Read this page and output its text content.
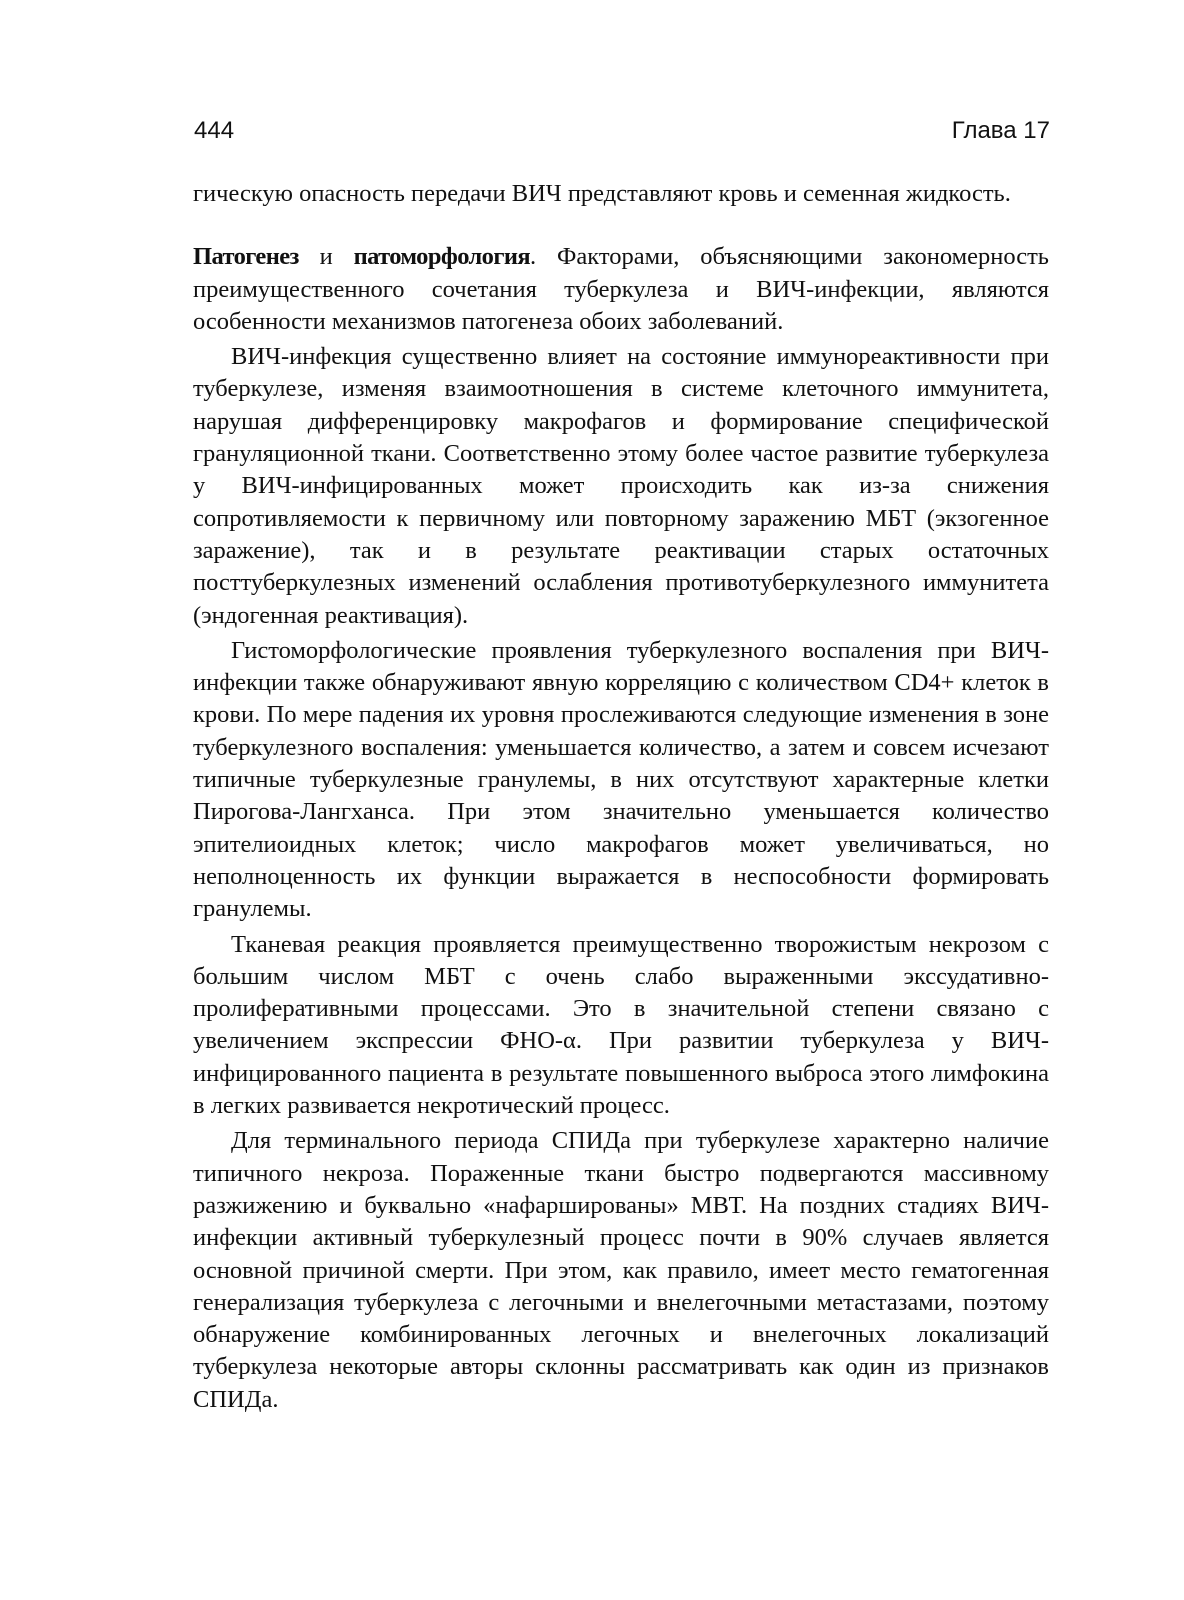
444	Глава 17

гическую опасность передачи ВИЧ представляют кровь и семенная жидкость.

Патогенез и патоморфология. Факторами, объясняющими закономерность преимущественного сочетания туберкулеза и ВИЧ-инфекции, являются особенности механизмов патогенеза обоих заболеваний.

ВИЧ-инфекция существенно влияет на состояние иммунореактивности при туберкулезе, изменяя взаимоотношения в системе клеточного иммунитета, нарушая дифференцировку макрофагов и формирование специфической грануляционной ткани. Соответственно этому более частое развитие туберкулеза у ВИЧ-инфицированных может происходить как из-за снижения сопротивляемости к первичному или повторному заражению МБТ (экзогенное заражение), так и в результате реактивации старых остаточных посттуберкулезных изменений ослабления противотуберкулезного иммунитета (эндогенная реактивация).

Гистоморфологические проявления туберкулезного воспаления при ВИЧ-инфекции также обнаруживают явную корреляцию с количеством CD4+ клеток в крови. По мере падения их уровня прослеживаются следующие изменения в зоне туберкулезного воспаления: уменьшается количество, а затем и совсем исчезают типичные туберкулезные гранулемы, в них отсутствуют характерные клетки Пирогова-Лангханса. При этом значительно уменьшается количество эпителиоидных клеток; число макрофагов может увеличиваться, но неполноценность их функции выражается в неспособности формировать гранулемы.

Тканевая реакция проявляется преимущественно творожистым некрозом с большим числом МБТ с очень слабо выраженными экссудативно-пролиферативными процессами. Это в значительной степени связано с увеличением экспрессии ФНО-α. При развитии туберкулеза у ВИЧ-инфицированного пациента в результате повышенного выброса этого лимфокина в легких развивается некротический процесс.

Для терминального периода СПИДа при туберкулезе характерно наличие типичного некроза. Пораженные ткани быстро подвергаются массивному разжижению и буквально «нафаршированы» МВТ. На поздних стадиях ВИЧ-инфекции активный туберкулезный процесс почти в 90% случаев является основной причиной смерти. При этом, как правило, имеет место гематогенная генерализация туберкулеза с легочными и внелегочными метастазами, поэтому обнаружение комбинированных легочных и внелегочных локализаций туберкулеза некоторые авторы склонны рассматривать как один из признаков СПИДа.
